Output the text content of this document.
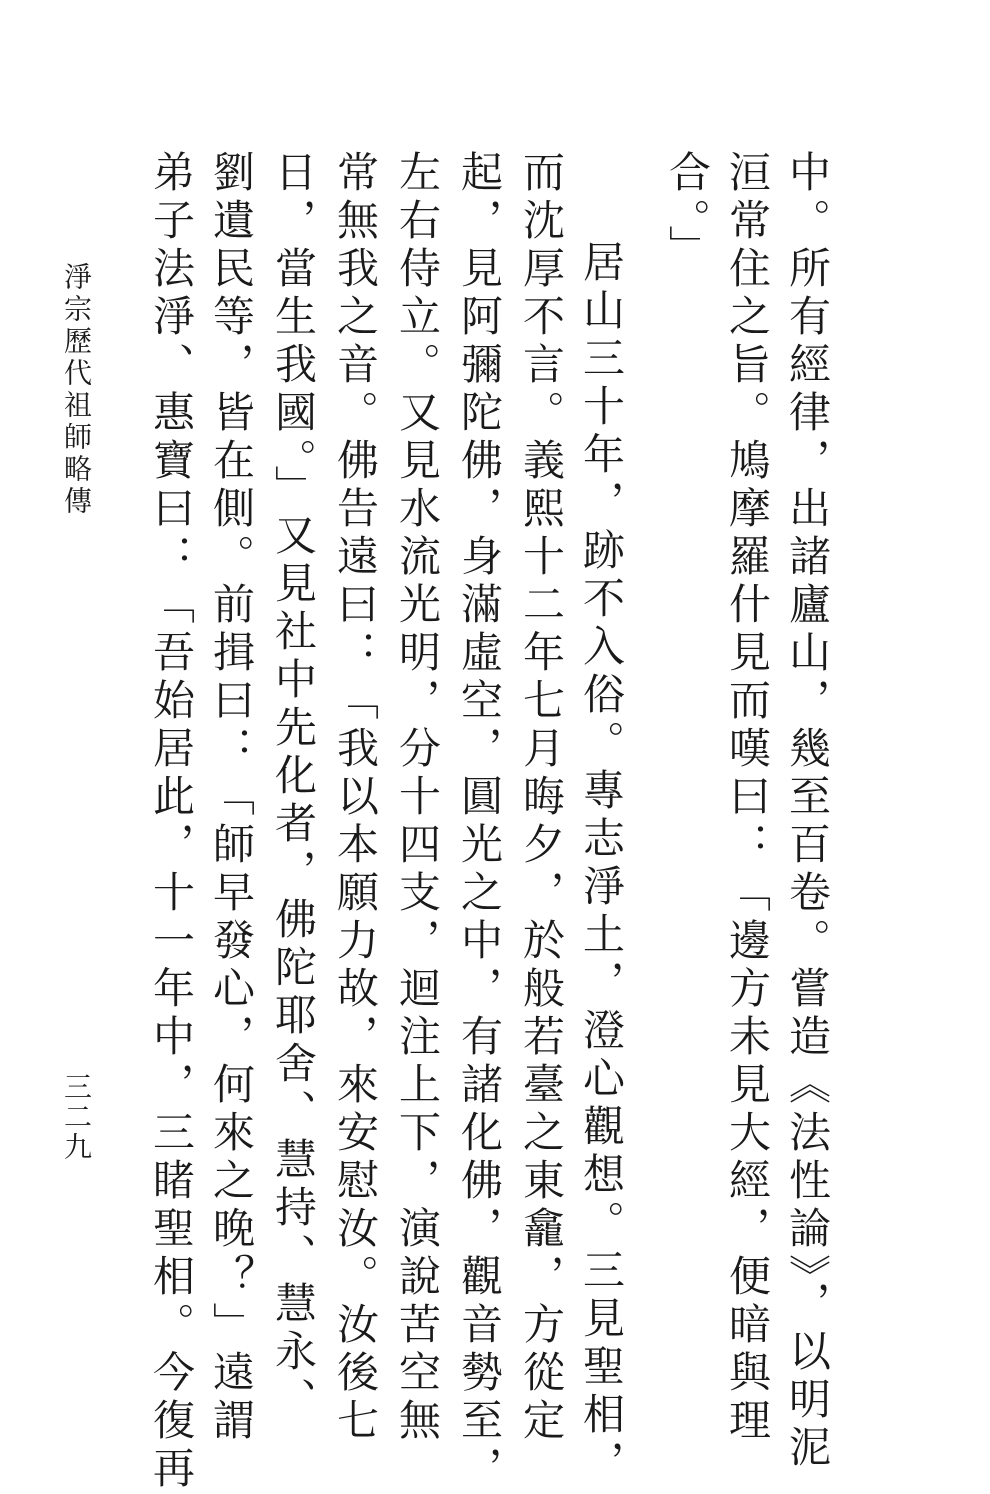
中。所有經律，出諸廬山，幾至百卷。嘗造《法性論》，以明泥

洹常住之旨。鳩摩羅什見而嘆曰：「邊方未見大經，便暗與理

合。」

居山三十年，跡不入俗。專志淨土，澄心觀想。三見聖相，

而沈厚不言。義熙十二年七月晦夕，於般若臺之東龕，方從定

起，見阿彌陀佛，身滿虛空，圓光之中，有諸化佛，觀音勢至，

左右侍立。又見水流光明，分十四支，迴注上下，演說苦空無

常無我之音。佛告遠曰：「我以本願力故，來安慰汝。汝後七

日，當生我國。」又見社中先化者，佛陀耶舍、慧持、慧永、

劉遺民等，皆在側。前揖曰：「師早發心，何來之晚？」遠謂

弟子法淨、惠寶曰：「吾始居此，十一年中，三睹聖相。今復再

淨宗歷代祖師略傳
三二九
